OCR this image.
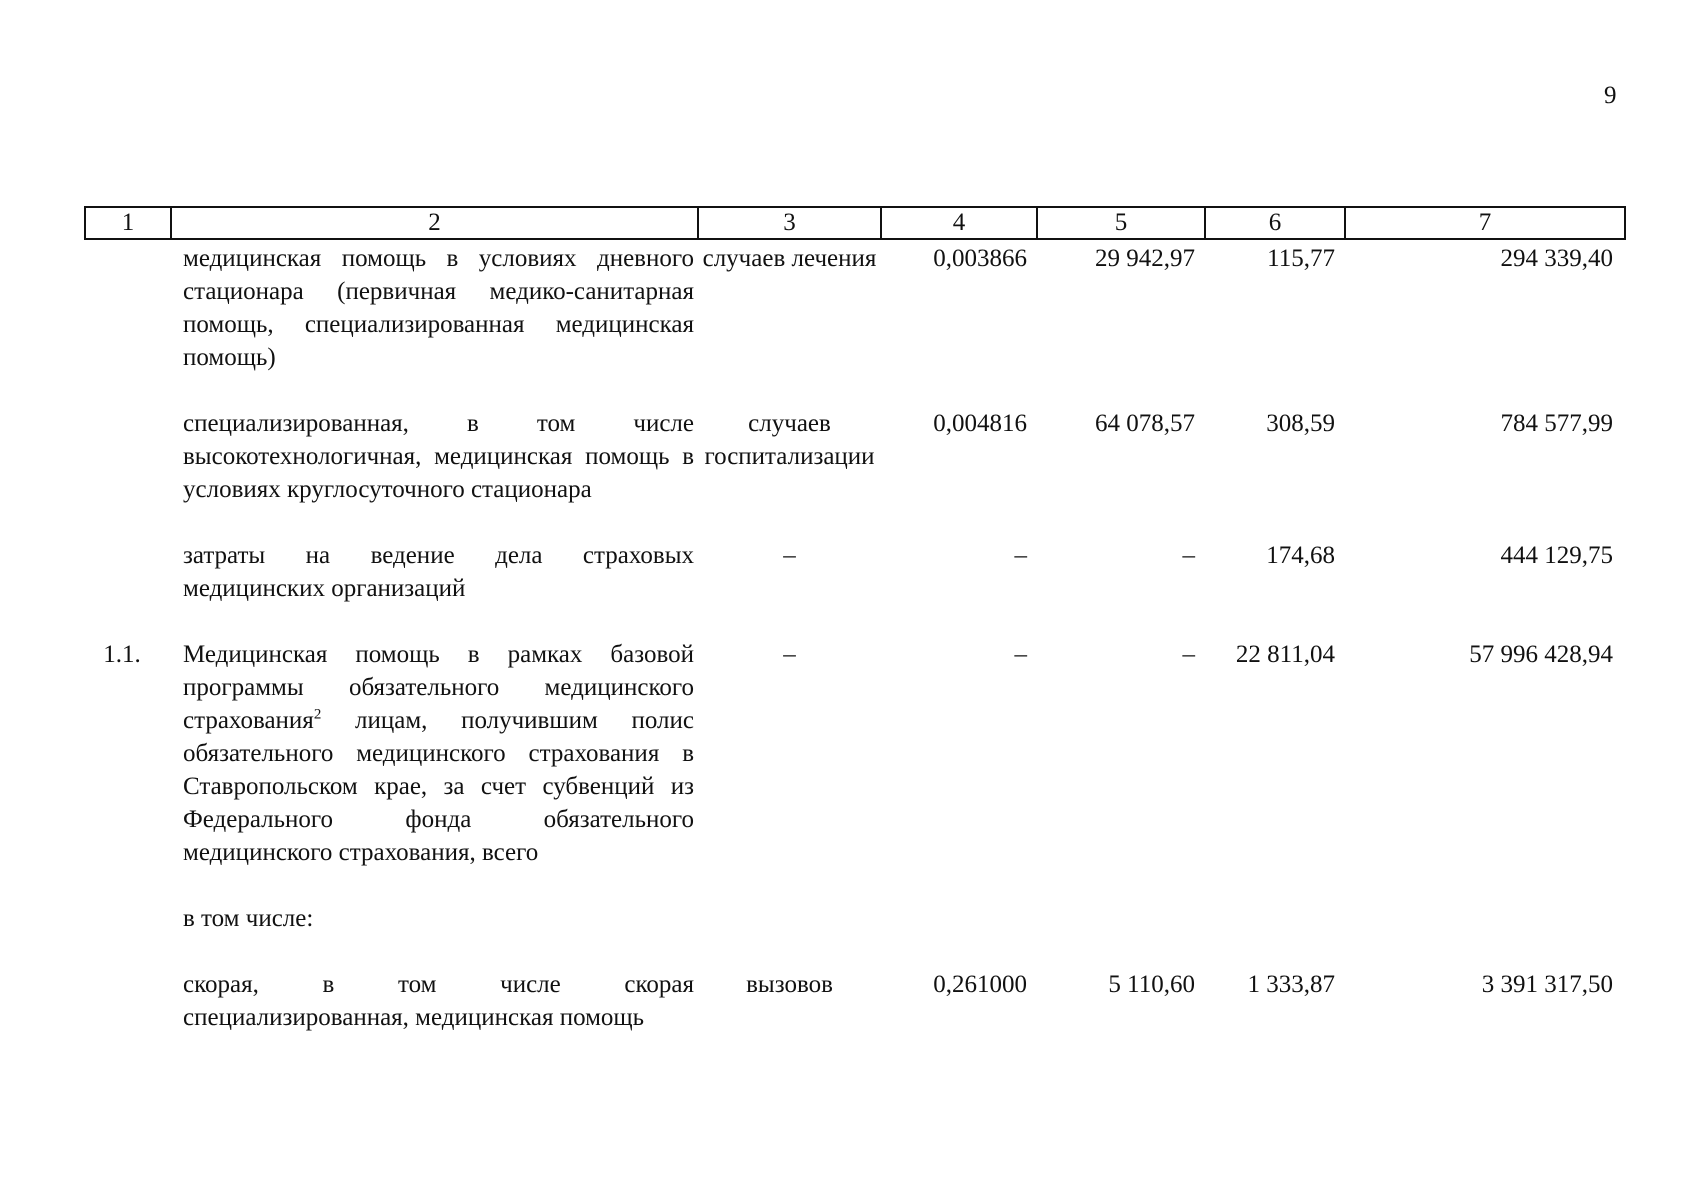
9
1	2	3	4	5	6	7
	медицинская помощь в условиях дневного стационара (первичная медико-санитарная помощь, специализированная медицинская помощь)	случаев лечения	0,003866	29 942,97	115,77	294 339,40
	специализированная, в том числе высокотехнологичная, медицинская помощь в условиях круглосуточного стационара	случаев госпитализации	0,004816	64 078,57	308,59	784 577,99
	затраты на ведение дела страховых медицинских организаций	–	–	–	174,68	444 129,75
1.1.	Медицинская помощь в рамках базовой программы обязательного медицинского страхования$^2$ лицам, получившим полис обязательного медицинского страхования в Ставропольском крае, за счет субвенций из Федерального фонда обязательного медицинского страхования, всего	–	–	–	22 811,04	57 996 428,94
	в том числе:					
	скорая, в том числе скорая специализированная, медицинская помощь	вызовов	0,261000	5 110,60	1 333,87	3 391 317,50
